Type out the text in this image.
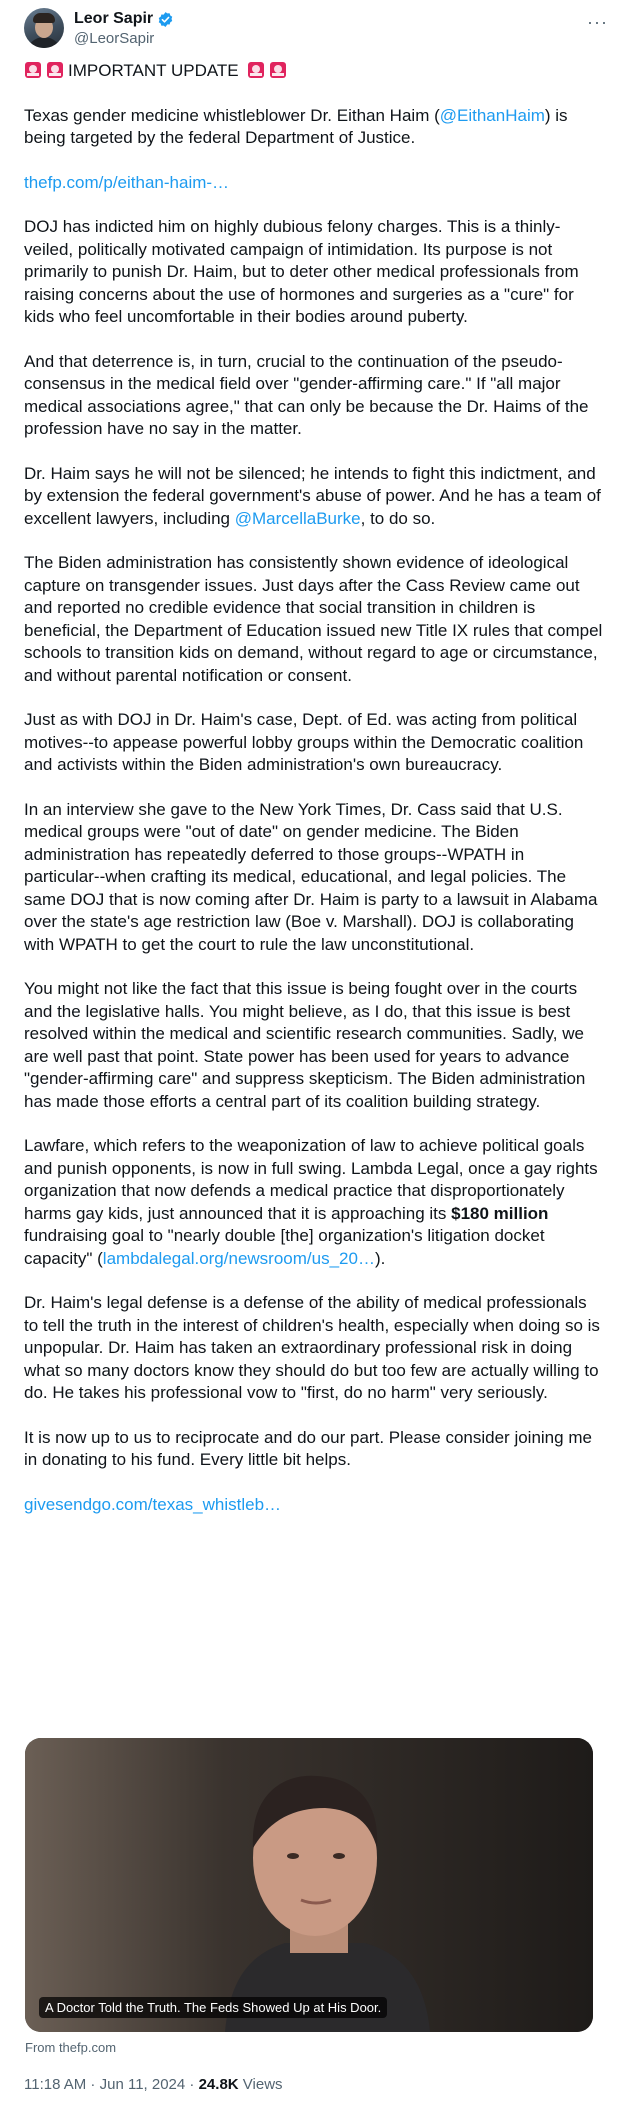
Leor Sapir
@LeorSapir
···

IMPORTANT UPDATE

Texas gender medicine whistleblower Dr. Eithan Haim (@EithanHaim) is being targeted by the federal Department of Justice.

thefp.com/p/eithan-haim-…

DOJ has indicted him on highly dubious felony charges. This is a thinly-veiled, politically motivated campaign of intimidation. Its purpose is not primarily to punish Dr. Haim, but to deter other medical professionals from raising concerns about the use of hormones and surgeries as a "cure" for kids who feel uncomfortable in their bodies around puberty.

And that deterrence is, in turn, crucial to the continuation of the pseudo-consensus in the medical field over "gender-affirming care." If "all major medical associations agree," that can only be because the Dr. Haims of the profession have no say in the matter.

Dr. Haim says he will not be silenced; he intends to fight this indictment, and by extension the federal government's abuse of power. And he has a team of excellent lawyers, including @MarcellaBurke, to do so.

The Biden administration has consistently shown evidence of ideological capture on transgender issues. Just days after the Cass Review came out and reported no credible evidence that social transition in children is beneficial, the Department of Education issued new Title IX rules that compel schools to transition kids on demand, without regard to age or circumstance, and without parental notification or consent.

Just as with DOJ in Dr. Haim's case, Dept. of Ed. was acting from political motives--to appease powerful lobby groups within the Democratic coalition and activists within the Biden administration's own bureaucracy.

In an interview she gave to the New York Times, Dr. Cass said that U.S. medical groups were "out of date" on gender medicine. The Biden administration has repeatedly deferred to those groups--WPATH in particular--when crafting its medical, educational, and legal policies. The same DOJ that is now coming after Dr. Haim is party to a lawsuit in Alabama over the state's age restriction law (Boe v. Marshall). DOJ is collaborating with WPATH to get the court to rule the law unconstitutional.

You might not like the fact that this issue is being fought over in the courts and the legislative halls. You might believe, as I do, that this issue is best resolved within the medical and scientific research communities. Sadly, we are well past that point. State power has been used for years to advance "gender-affirming care" and suppress skepticism. The Biden administration has made those efforts a central part of its coalition building strategy.

Lawfare, which refers to the weaponization of law to achieve political goals and punish opponents, is now in full swing. Lambda Legal, once a gay rights organization that now defends a medical practice that disproportionately harms gay kids, just announced that it is approaching its $180 million fundraising goal to "nearly double [the] organization's litigation docket capacity" (lambdalegal.org/newsroom/us_20…).

Dr. Haim's legal defense is a defense of the ability of medical professionals to tell the truth in the interest of children's health, especially when doing so is unpopular. Dr. Haim has taken an extraordinary professional risk in doing what so many doctors know they should do but too few are actually willing to do. He takes his professional vow to "first, do no harm" very seriously.

It is now up to us to reciprocate and do our part. Please consider joining me in donating to his fund. Every little bit helps.

givesendgo.com/texas_whistleb…

A Doctor Told the Truth. The Feds Showed Up at His Door.
From thefp.com
11:18 AM · Jun 11, 2024 · 24.8K Views
